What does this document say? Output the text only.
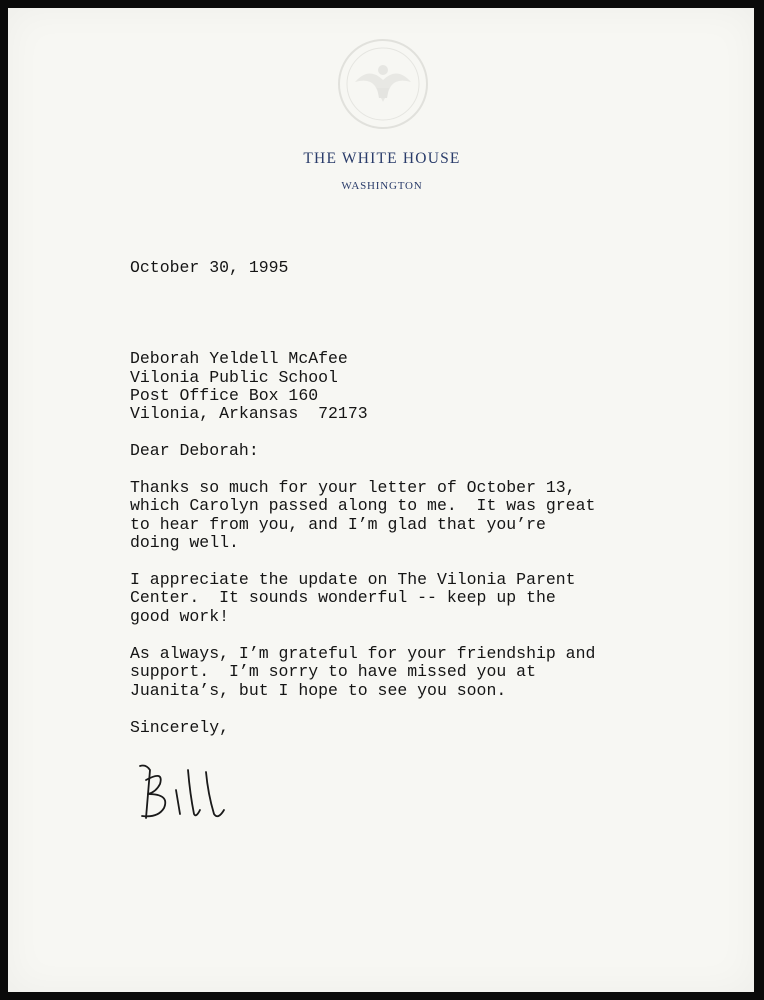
THE WHITE HOUSE
WASHINGTON
October 30, 1995
Deborah Yeldell McAfee
Vilonia Public School
Post Office Box 160
Vilonia, Arkansas  72173
Dear Deborah:
Thanks so much for your letter of October 13,
which Carolyn passed along to me.  It was great
to hear from you, and I’m glad that you’re
doing well.
I appreciate the update on The Vilonia Parent
Center.  It sounds wonderful -- keep up the
good work!
As always, I’m grateful for your friendship and
support.  I’m sorry to have missed you at
Juanita’s, but I hope to see you soon.
Sincerely,
